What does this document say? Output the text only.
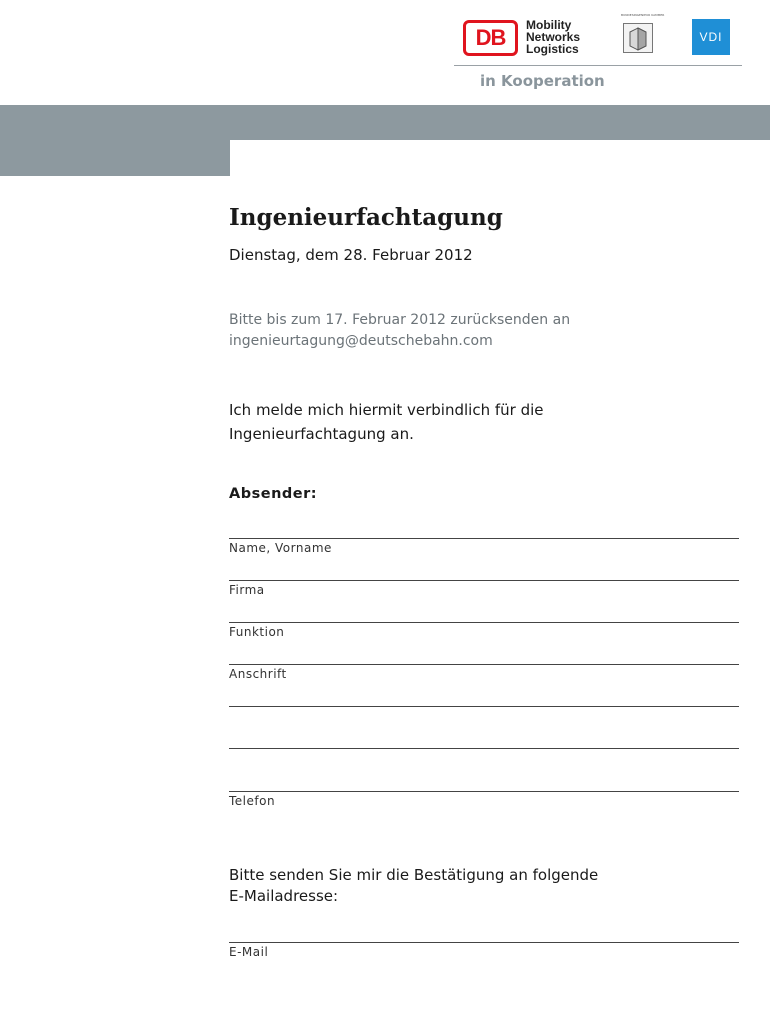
DB Mobility
Networks
Logistics
BUNDESINGENIEUR KAMMER
VDI
in Kooperation
Ingenieurfachtagung
Dienstag, dem 28. Februar 2012
Bitte bis zum 17. Februar 2012 zurücksenden an
ingenieurtagung@deutschebahn.com
Ich melde mich hiermit verbindlich für die
Ingenieurfachtagung an.
Absender:
Name, Vorname
Firma
Funktion
Anschrift
Telefon
Bitte senden Sie mir die Bestätigung an folgende
E-Mailadresse:
E-Mail
